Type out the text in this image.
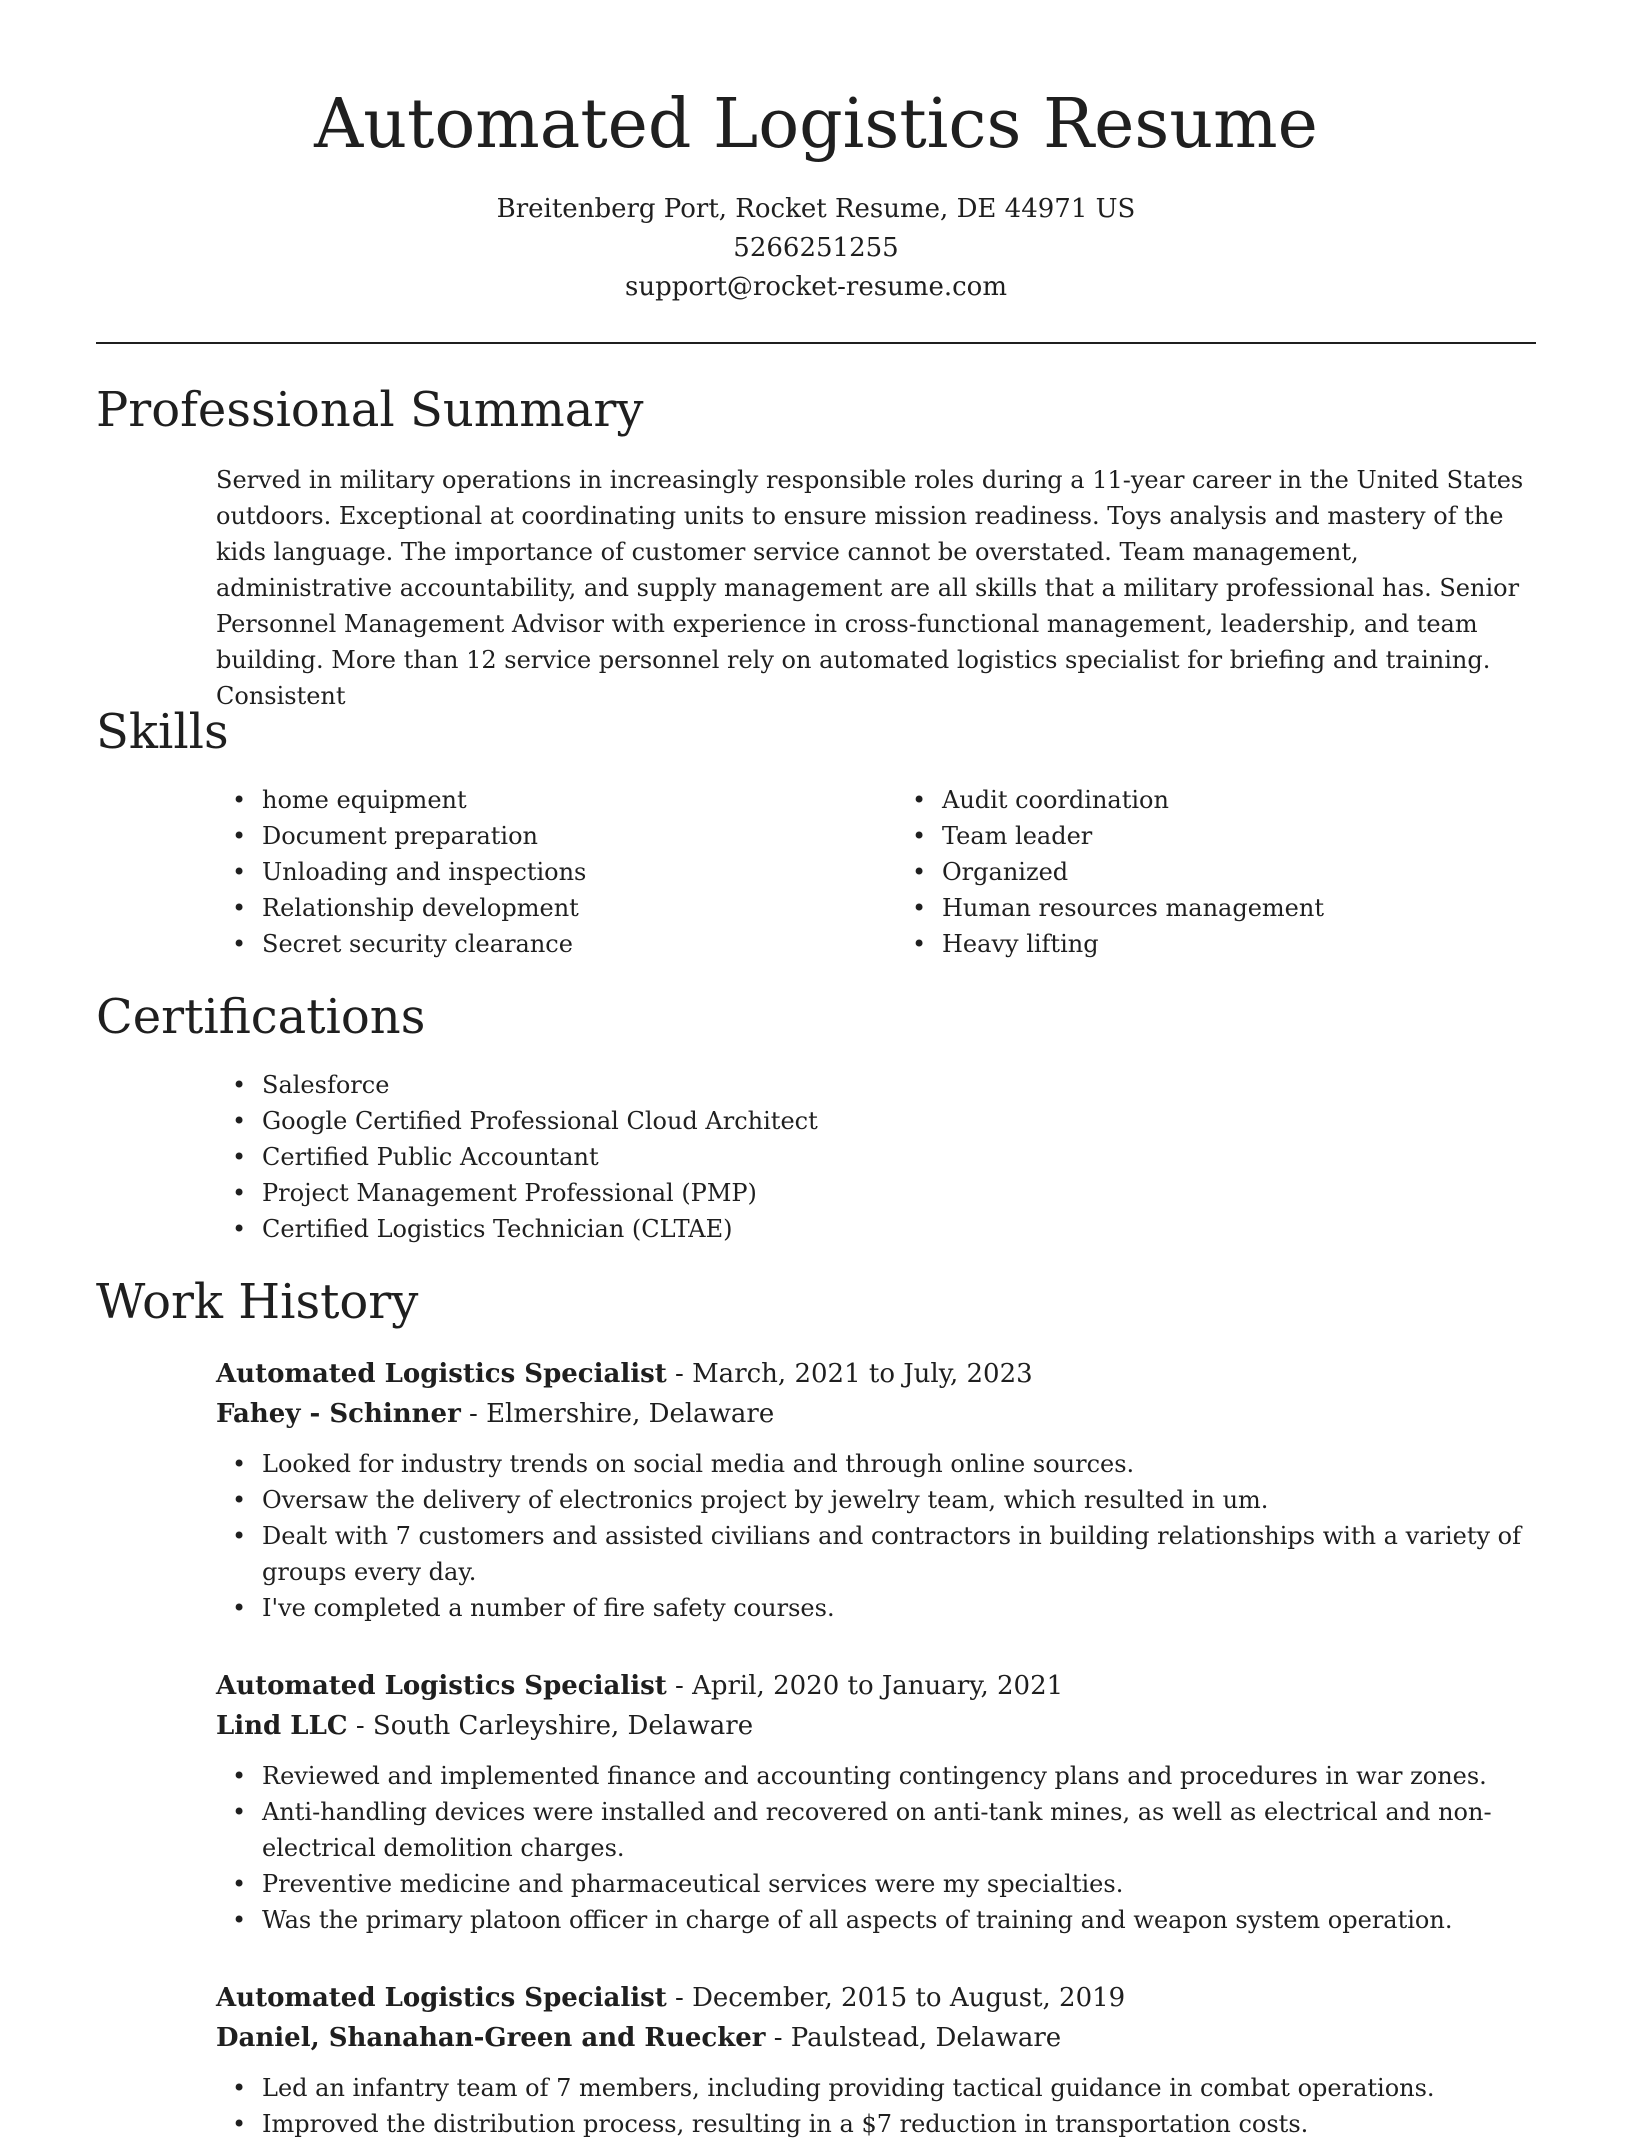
Automated Logistics Resume
Breitenberg Port, Rocket Resume, DE 44971 US
5266251255
support@rocket-resume.com
Professional Summary

Served in military operations in increasingly responsible roles during a 11-year career in the United States outdoors. Exceptional at coordinating units to ensure mission readiness. Toys analysis and mastery of the kids language. The importance of customer service cannot be overstated. Team management, administrative accountability, and supply management are all skills that a military professional has. Senior Personnel Management Advisor with experience in cross-functional management, leadership, and team building. More than 12 service personnel rely on automated logistics specialist for briefing and training. Consistent

Skills
• home equipment
• Document preparation
• Unloading and inspections
• Relationship development
• Secret security clearance
• Audit coordination
• Team leader
• Organized
• Human resources management
• Heavy lifting
Certifications
• Salesforce
• Google Certified Professional Cloud Architect
• Certified Public Accountant
• Project Management Professional (PMP)
• Certified Logistics Technician (CLTAE)
Work History
Automated Logistics Specialist - March, 2021 to July, 2023
Fahey - Schinner - Elmershire, Delaware
• Looked for industry trends on social media and through online sources.
• Oversaw the delivery of electronics project by jewelry team, which resulted in um.
• Dealt with 7 customers and assisted civilians and contractors in building relationships with a variety of groups every day.
• I've completed a number of fire safety courses.
Automated Logistics Specialist - April, 2020 to January, 2021
Lind LLC - South Carleyshire, Delaware
• Reviewed and implemented finance and accounting contingency plans and procedures in war zones.
• Anti-handling devices were installed and recovered on anti-tank mines, as well as electrical and non-electrical demolition charges.
• Preventive medicine and pharmaceutical services were my specialties.
• Was the primary platoon officer in charge of all aspects of training and weapon system operation.
Automated Logistics Specialist - December, 2015 to August, 2019
Daniel, Shanahan-Green and Ruecker - Paulstead, Delaware
• Led an infantry team of 7 members, including providing tactical guidance in combat operations.
• Improved the distribution process, resulting in a $7 reduction in transportation costs.
